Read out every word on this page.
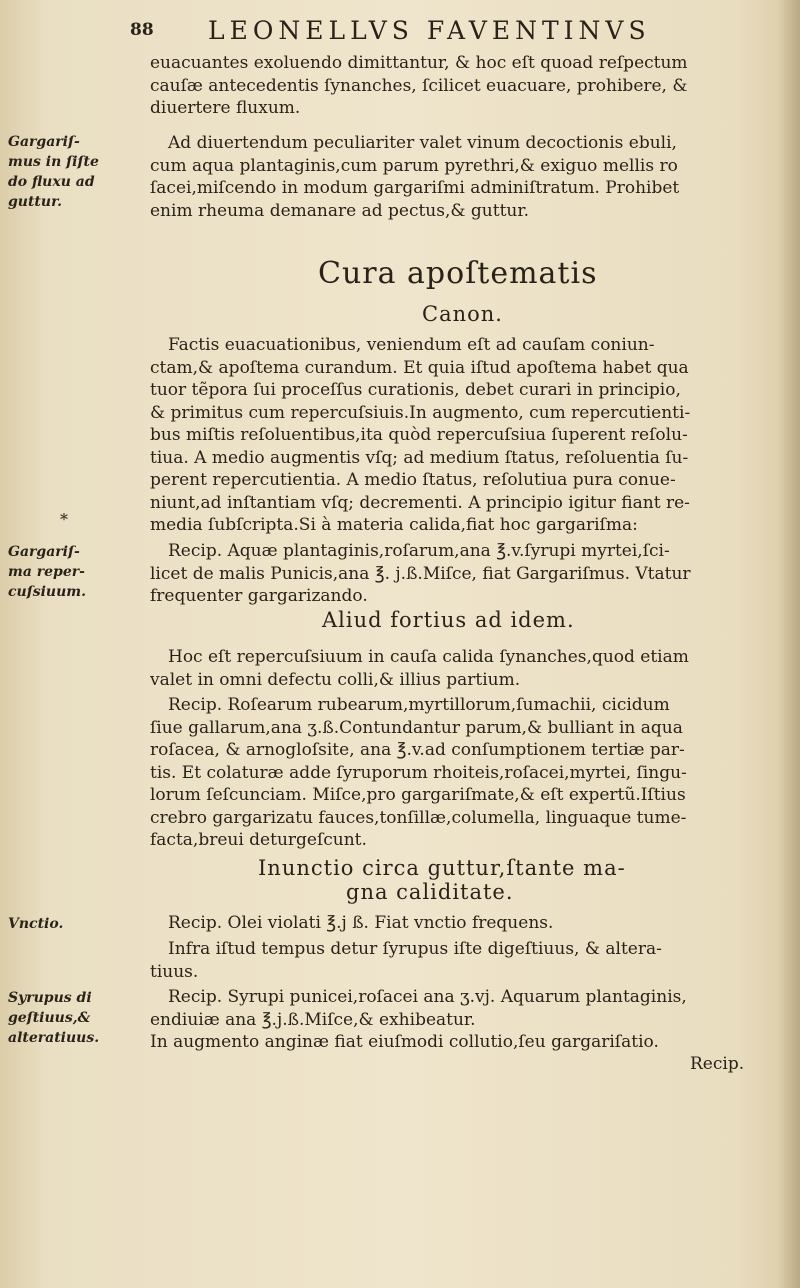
88 LEONELLVS FAVENTINVS
euacuantes exoluendo dimittantur, & hoc eſt quoad reſpectum
cauſæ antecedentis ſynanches, ſcilicet euacuare, prohibere, &
diuertere fluxum.
Ad diuertendum peculiariter valet vinum decoctionis ebuli,
cum aqua plantaginis,cum parum pyrethri,& exiguo mellis ro
ſacei,miſcendo in modum gargariſmi adminiſtratum. Prohibet
enim rheuma demanare ad pectus,& guttur.
Cura apoſtematis
Canon.
Factis euacuationibus, veniendum eſt ad cauſam coniun-
ctam,& apoſtema curandum. Et quia iſtud apoſtema habet qua
tuor tẽpora ſui proceſſus curationis, debet curari in principio,
& primitus cum repercuſsiuis.In augmento, cum repercutienti-
bus miſtis reſoluentibus,ita quòd repercuſsiua ſuperent reſolu-
tiua. A medio augmentis vſq; ad medium ſtatus, reſoluentia ſu-
perent repercutientia. A medio ſtatus, reſolutiua pura conue-
niunt,ad inſtantiam vſq; decrementi. A principio igitur fiant re-
media ſubſcripta.Si à materia calida,fiat hoc gargariſma:
Recip. Aquæ plantaginis,roſarum,ana ℥.v.ſyrupi myrtei,ſci-
licet de malis Punicis,ana ℥. j.ß.Miſce, fiat Gargariſmus. Vtatur
frequenter gargarizando.
Aliud fortius ad idem.
Hoc eſt repercuſsiuum in cauſa calida ſynanches,quod etiam
valet in omni defectu colli,& illius partium.
Recip. Roſearum rubearum,myrtillorum,ſumachii, cicidum
ſiue gallarum,ana ʒ.ß.Contundantur parum,& bulliant in aqua
roſacea, & arnogloſsite, ana ℥.v.ad conſumptionem tertiæ par-
tis. Et colaturæ adde ſyruporum rhoiteis,roſacei,myrtei, ſingu-
lorum ſeſcunciam. Miſce,pro gargariſmate,& eſt expertũ.Iſtius
crebro gargarizatu fauces,tonſillæ,columella, linguaque tume-
facta,breui deturgeſcunt.
Inunctio circa guttur,ſtante ma-
gna caliditate.
Recip. Olei violati ℥.j ß. Fiat vnctio frequens.
Infra iſtud tempus detur ſyrupus iſte digeſtiuus, & altera-
tiuus.
Recip. Syrupi punicei,roſacei ana ʒ.vj. Aquarum plantaginis,
endiuiæ ana ℥.j.ß.Miſce,& exhibeatur.
In augmento anginæ fiat eiuſmodi collutio,ſeu gargariſatio.
Recip.
Gargariſ-
mus in ſiſte
do fluxu ad
guttur.
Gargariſ-
ma reper-
cuſsiuum.
Vnctio.
Syrupus di
geſtiuus,&
alteratiuus.
*
